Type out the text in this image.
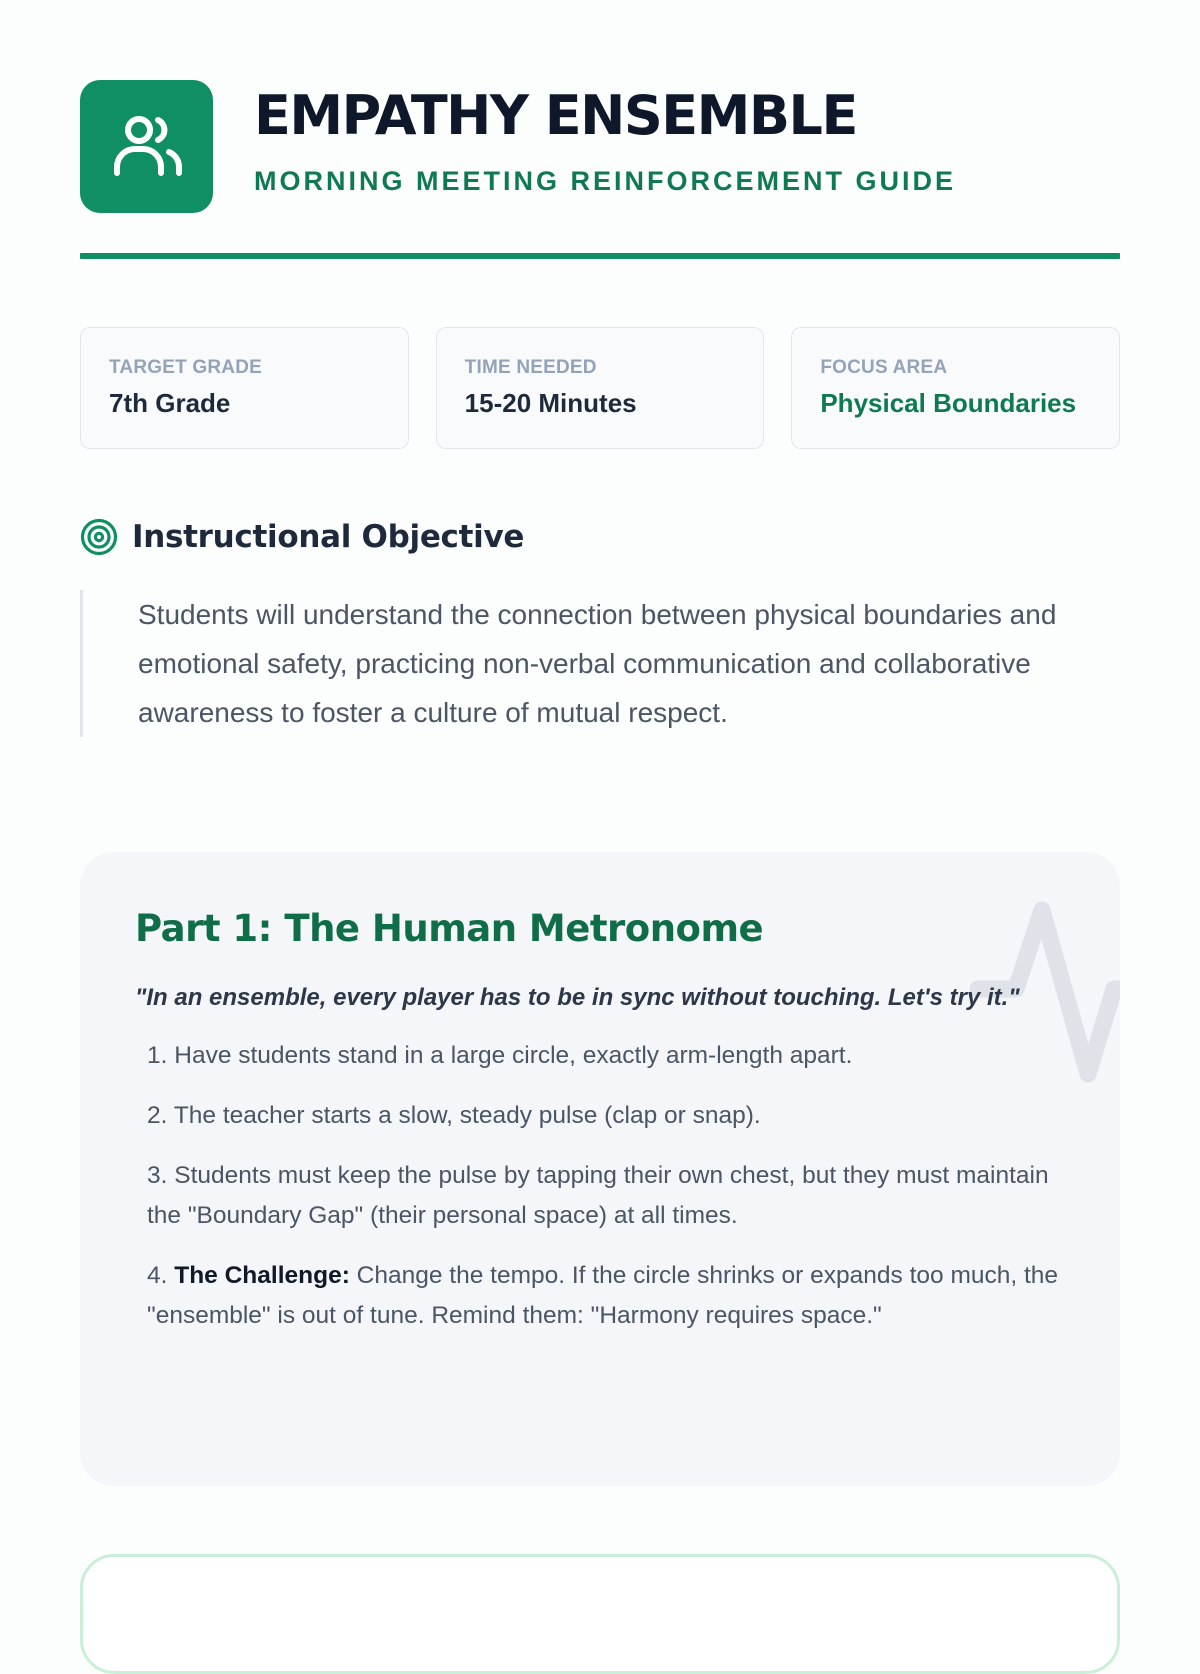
EMPATHY ENSEMBLE
MORNING MEETING REINFORCEMENT GUIDE
TARGET GRADE
7th Grade
TIME NEEDED
15-20 Minutes
FOCUS AREA
Physical Boundaries
Instructional Objective

Students will understand the connection between physical boundaries and emotional safety, practicing non-verbal communication and collaborative awareness to foster a culture of mutual respect.

Part 1: The Human Metronome

"In an ensemble, every player has to be in sync without touching. Let's try it."

1. Have students stand in a large circle, exactly arm-length apart.
2. The teacher starts a slow, steady pulse (clap or snap).
3. Students must keep the pulse by tapping their own chest, but they must maintain the "Boundary Gap" (their personal space) at all times.
4. The Challenge: Change the tempo. If the circle shrinks or expands too much, the "ensemble" is out of tune. Remind them: "Harmony requires space."
